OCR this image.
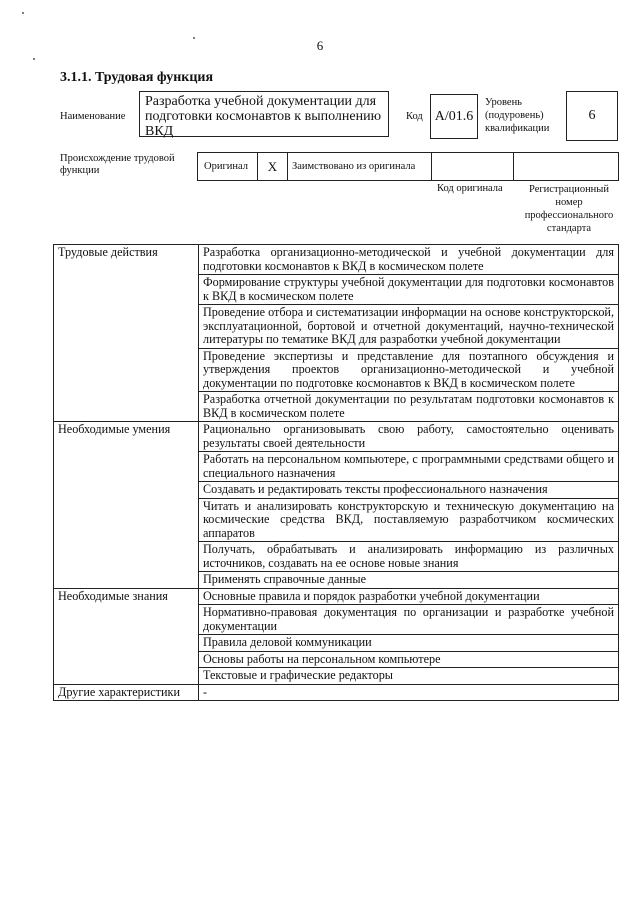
6
3.1.1. Трудовая функция
Наименование
Разработка учебной документации для подготовки космонавтов к выполнению ВКД
Код А/01.6
Уровень (подуровень) квалификации
6
Происхождение трудовой функции	Оригинал	Х	Заимствовано из оригинала
Код оригинала	Регистрационный номер профессионального стандарта
Трудовые действия	Разработка организационно-методической и учебной документации для подготовки космонавтов к ВКД в космическом полете
	Формирование структуры учебной документации для подготовки космонавтов к ВКД в космическом полете
	Проведение отбора и систематизации информации на основе конструкторской, эксплуатационной, бортовой и отчетной документаций, научно-технической литературы по тематике ВКД для разработки учебной документации
	Проведение экспертизы и представление для поэтапного обсуждения и утверждения проектов организационно-методической и учебной документации по подготовке космонавтов к ВКД в космическом полете
	Разработка отчетной документации по результатам подготовки космонавтов к ВКД в космическом полете
Необходимые умения	Рационально организовывать свою работу, самостоятельно оценивать результаты своей деятельности
	Работать на персональном компьютере, с программными средствами общего и специального назначения
	Создавать и редактировать тексты профессионального назначения
	Читать и анализировать конструкторскую и техническую документацию на космические средства ВКД, поставляемую разработчиком космических аппаратов
	Получать, обрабатывать и анализировать информацию из различных источников, создавать на ее основе новые знания
	Применять справочные данные
Необходимые знания	Основные правила и порядок разработки учебной документации
	Нормативно-правовая документация по организации и разработке учебной документации
	Правила деловой коммуникации
	Основы работы на персональном компьютере
	Текстовые и графические редакторы
Другие характеристики	-
